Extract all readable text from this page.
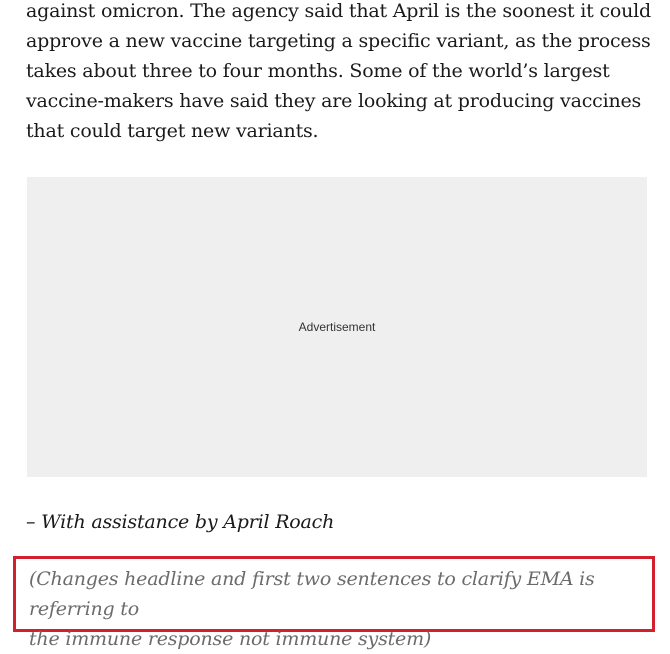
against omicron. The agency said that April is the soonest it could
approve a new vaccine targeting a specific variant, as the process
takes about three to four months. Some of the world’s largest
vaccine-makers have said they are looking at producing vaccines
that could target new variants.

Advertisement
– With assistance by April Roach
(Changes headline and first two sentences to clarify EMA is referring to
the immune response not immune system)
